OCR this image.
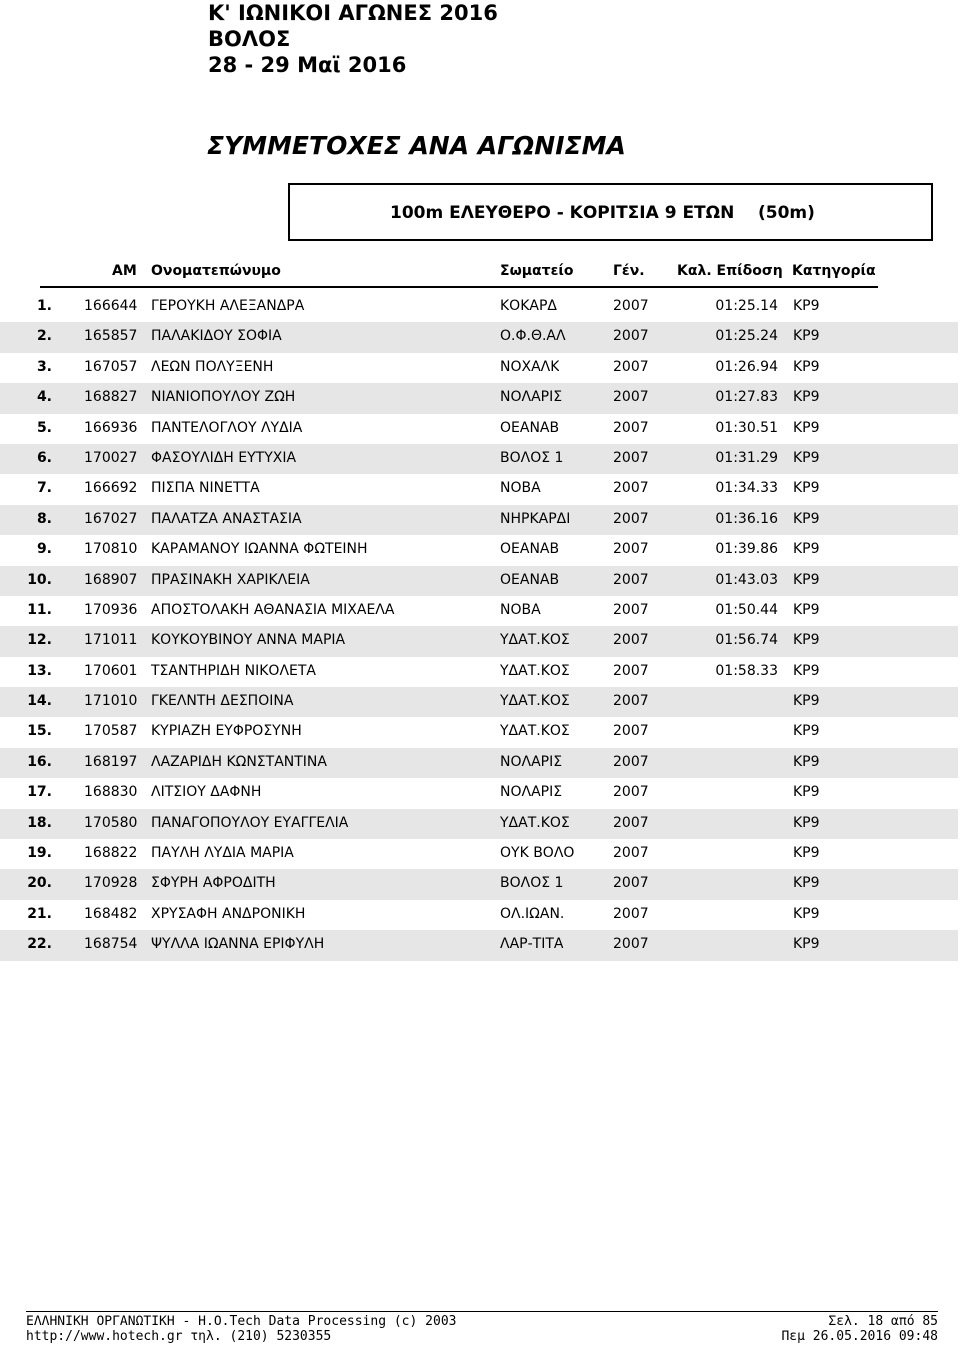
Κ' ΙΩΝΙΚΟΙ ΑΓΩΝΕΣ 2016
ΒΟΛΟΣ
28 - 29 Μαϊ 2016
ΣΥΜΜΕΤΟΧΕΣ ΑΝΑ ΑΓΩΝΙΣΜΑ
100m ΕΛΕΥΘΕΡΟ - ΚΟΡΙΤΣΙΑ 9 ΕΤΩΝ    (50m)
ΑΜ Ονοματεπώνυμο	Σωματείο	Γέν. Καλ. Επίδοση Κατηγορία
1. 166644 ΓΕΡΟΥΚΗ ΑΛΕΞΑΝΔΡΑ	ΚΟΚΑΡΔ	2007	01:25.14 ΚΡ9
2. 165857 ΠΑΛΑΚΙΔΟΥ ΣΟΦΙΑ	Ο.Φ.Θ.ΑΛ	2007	01:25.24 ΚΡ9
3. 167057 ΛΕΩΝ ΠΟΛΥΞΕΝΗ	ΝΟΧΑΛΚ	2007	01:26.94 ΚΡ9
4. 168827 ΝΙΑΝΙΟΠΟΥΛΟΥ ΖΩΗ	ΝΟΛΑΡΙΣ	2007	01:27.83 ΚΡ9
5. 166936 ΠΑΝΤΕΛΟΓΛΟΥ ΛΥΔΙΑ	ΟΕΑΝΑΒ	2007	01:30.51 ΚΡ9
6. 170027 ΦΑΣΟΥΛΙΔΗ ΕΥΤΥΧΙΑ	ΒΟΛΟΣ 1	2007	01:31.29 ΚΡ9
7. 166692 ΠΙΣΠΑ ΝΙΝΕΤΤΑ	ΝΟΒΑ	2007	01:34.33 ΚΡ9
8. 167027 ΠΑΛΑΤΖΑ ΑΝΑΣΤΑΣΙΑ	ΝΗΡΚΑΡΔΙ	2007	01:36.16 ΚΡ9
9. 170810 ΚΑΡΑΜΑΝΟΥ ΙΩΑΝΝΑ ΦΩΤΕΙΝΗ	ΟΕΑΝΑΒ	2007	01:39.86 ΚΡ9
10. 168907 ΠΡΑΣΙΝΑΚΗ ΧΑΡΙΚΛΕΙΑ	ΟΕΑΝΑΒ	2007	01:43.03 ΚΡ9
11. 170936 ΑΠΟΣΤΟΛΑΚΗ ΑΘΑΝΑΣΙΑ ΜΙΧΑΕΛΑ	ΝΟΒΑ	2007	01:50.44 ΚΡ9
12. 171011 ΚΟΥΚΟΥΒΙΝΟΥ ΑΝΝΑ ΜΑΡΙΑ	ΥΔΑΤ.ΚΟΣ	2007	01:56.74 ΚΡ9
13. 170601 ΤΣΑΝΤΗΡΙΔΗ ΝΙΚΟΛΕΤΑ	ΥΔΑΤ.ΚΟΣ	2007	01:58.33 ΚΡ9
14. 171010 ΓΚΕΛΝΤΗ ΔΕΣΠΟΙΝΑ	ΥΔΑΤ.ΚΟΣ	2007	ΚΡ9
15. 170587 ΚΥΡΙΑΖΗ ΕΥΦΡΟΣΥΝΗ	ΥΔΑΤ.ΚΟΣ	2007	ΚΡ9
16. 168197 ΛΑΖΑΡΙΔΗ ΚΩΝΣΤΑΝΤΙΝΑ	ΝΟΛΑΡΙΣ	2007	ΚΡ9
17. 168830 ΛΙΤΣΙΟΥ ΔΑΦΝΗ	ΝΟΛΑΡΙΣ	2007	ΚΡ9
18. 170580 ΠΑΝΑΓΟΠΟΥΛΟΥ ΕΥΑΓΓΕΛΙΑ	ΥΔΑΤ.ΚΟΣ	2007	ΚΡ9
19. 168822 ΠΑΥΛΗ ΛΥΔΙΑ ΜΑΡΙΑ	ΟΥΚ ΒΟΛΟ	2007	ΚΡ9
20. 170928 ΣΦΥΡΗ ΑΦΡΟΔΙΤΗ	ΒΟΛΟΣ 1	2007	ΚΡ9
21. 168482 ΧΡΥΣΑΦΗ ΑΝΔΡΟΝΙΚΗ	ΟΛ.ΙΩΑΝ.	2007	ΚΡ9
22. 168754 ΨΥΛΛΑ ΙΩΑΝΝΑ ΕΡΙΦΥΛΗ	ΛΑΡ-ΤΙΤΑ	2007	ΚΡ9
ΕΛΛΗΝΙΚΗ ΟΡΓΑΝΩΤΙΚΗ - Η.Ο.Tech Data Processing (c) 2003
http://www.hotech.gr τηλ. (210) 5230355
Σελ. 18 από 85
Πεμ 26.05.2016 09:48
